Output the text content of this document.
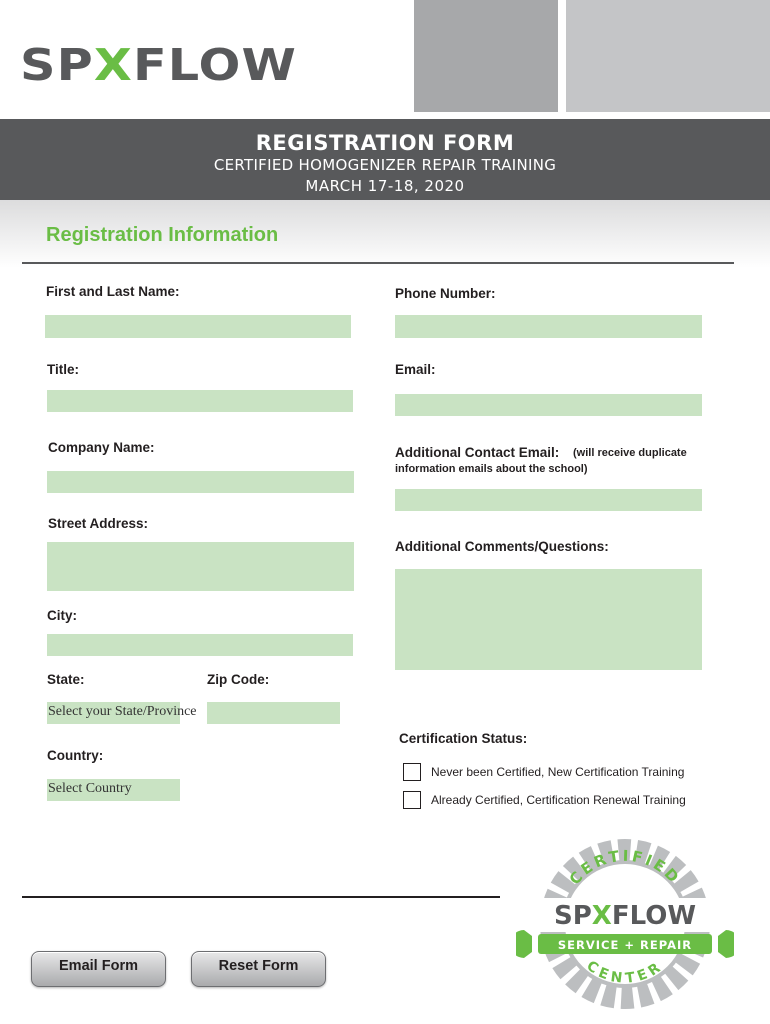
SPXFLOW
REGISTRATION FORM
CERTIFIED HOMOGENIZER REPAIR TRAINING
MARCH 17-18, 2020
Registration Information
First and Last Name:
Title:
Company Name:
Street Address:
City:
State:
Select your State/Province
Zip Code:
Country:
Select Country
Phone Number:
Email:
Additional Contact Email: (will receive duplicate
information emails about the school)
Additional Comments/Questions:
Certification Status:
Never been Certified, New Certification Training
Already Certified, Certification Renewal Training
Email Form	Reset Form
CERTIFIED
SPXFLOW
SERVICE + REPAIR
CENTER
